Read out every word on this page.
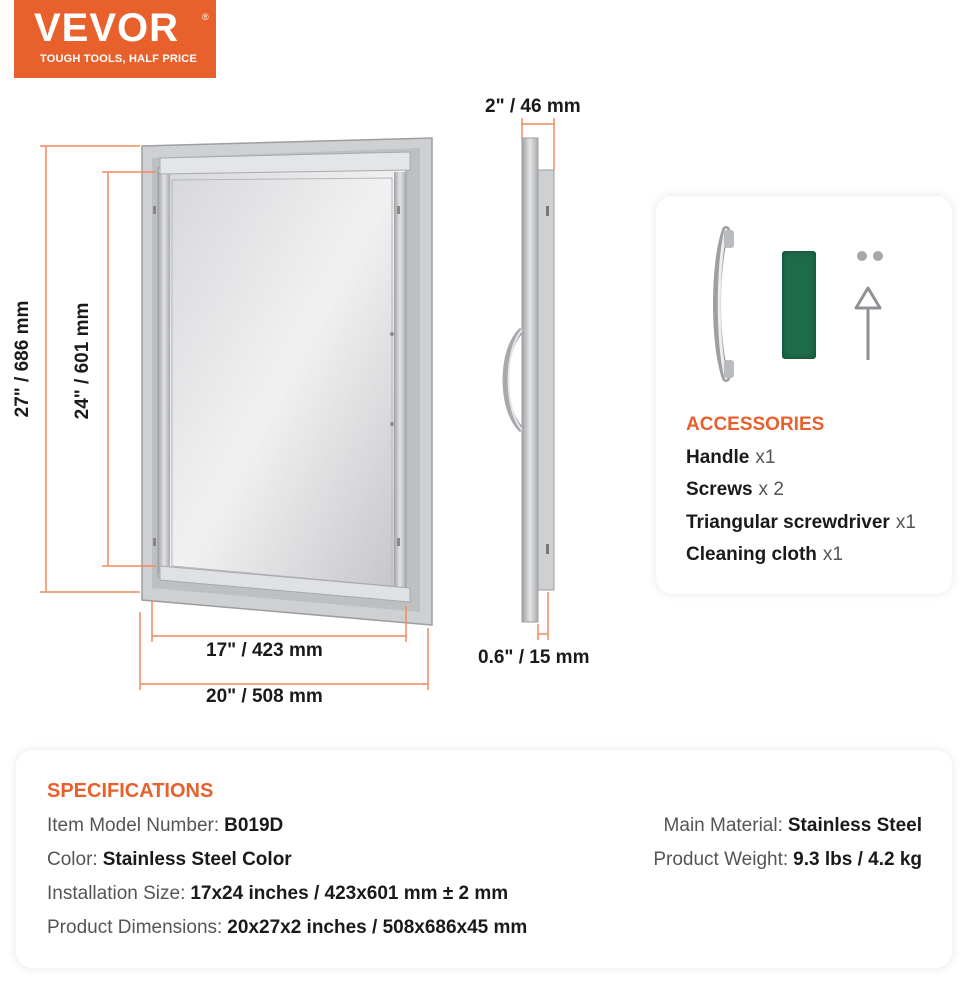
VEVOR	®
TOUGH TOOLS, HALF PRICE
27" / 686 mm 24" / 601 mm
17" / 423 mm
20" / 508 mm
2" / 46 mm
0.6" / 15 mm
ACCESSORIES
Handle x1
Screws x 2
Triangular screwdriver x1
Cleaning cloth x1
SPECIFICATIONS
Item Model Number: B019D
Color: Stainless Steel Color
Installation Size: 17x24 inches / 423x601 mm ± 2 mm
Product Dimensions: 20x27x2 inches / 508x686x45 mm
Main Material: Stainless Steel
Product Weight: 9.3 lbs / 4.2 kg
